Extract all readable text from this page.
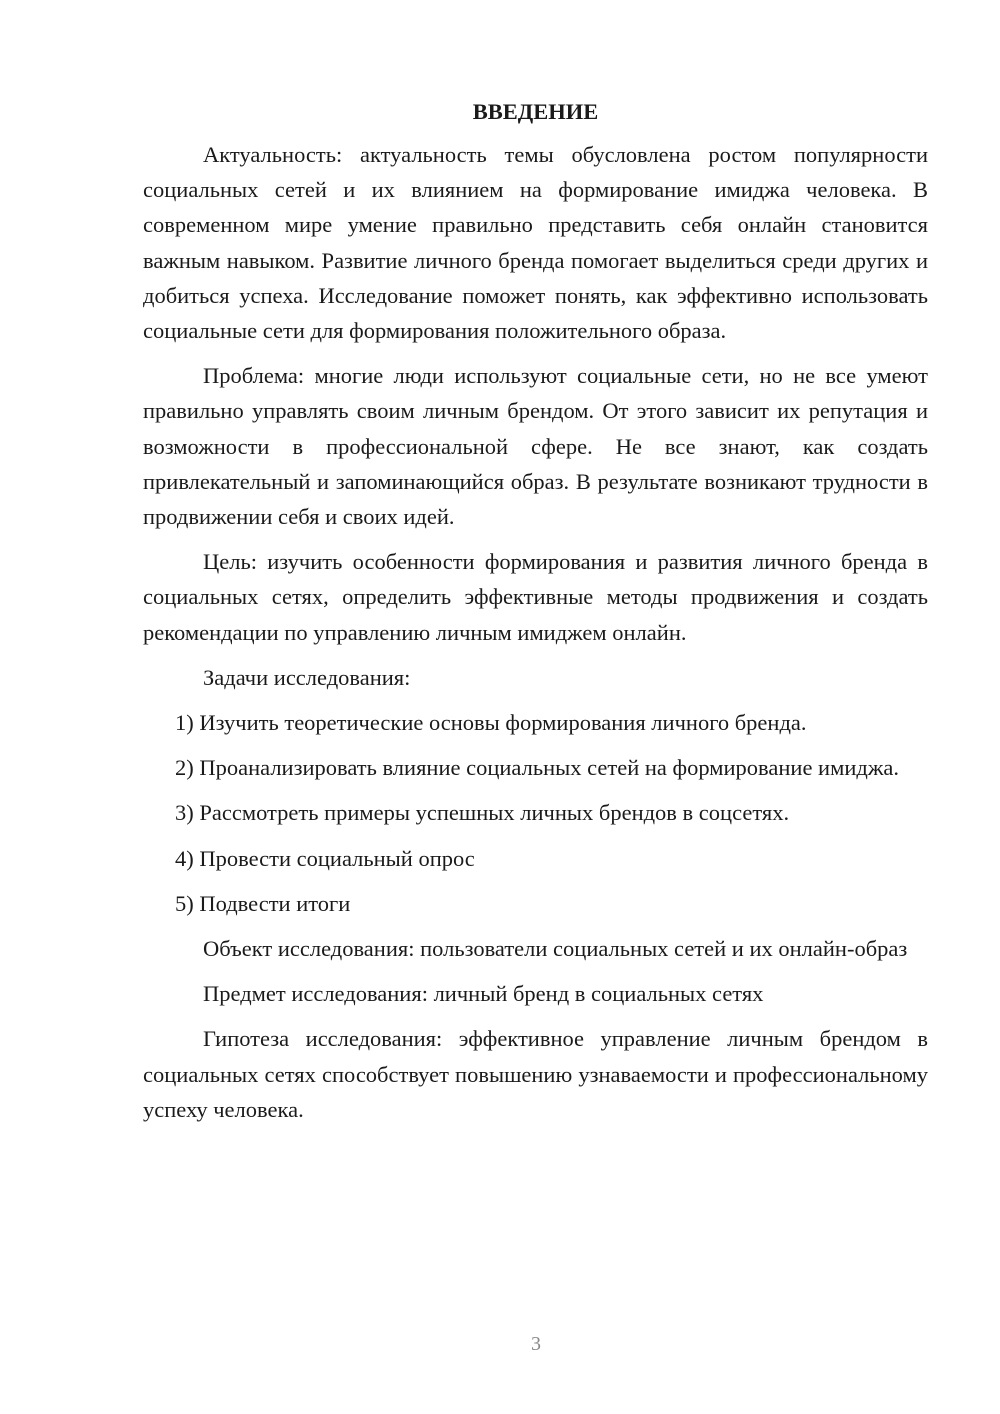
ВВЕДЕНИЕ

Актуальность: актуальность темы обусловлена ростом популярности социальных сетей и их влиянием на формирование имиджа человека. В современном мире умение правильно представить себя онлайн становится важным навыком. Развитие личного бренда помогает выделиться среди других и добиться успеха. Исследование поможет понять, как эффективно использовать социальные сети для формирования положительного образа.

Проблема: многие люди используют социальные сети, но не все умеют правильно управлять своим личным брендом. От этого зависит их репутация и возможности в профессиональной сфере. Не все знают, как создать привлекательный и запоминающийся образ. В результате возникают трудности в продвижении себя и своих идей.

Цель: изучить особенности формирования и развития личного бренда в социальных сетях, определить эффективные методы продвижения и создать рекомендации по управлению личным имиджем онлайн.

Задачи исследования:

1) Изучить теоретические основы формирования личного бренда.

2) Проанализировать влияние социальных сетей на формирование имиджа.

3) Рассмотреть примеры успешных личных брендов в соцсетях.

4) Провести социальный опрос

5) Подвести итоги

Объект исследования: пользователи социальных сетей и их онлайн-образ

Предмет исследования: личный бренд в социальных сетях

Гипотеза исследования: эффективное управление личным брендом в социальных сетях способствует повышению узнаваемости и профессиональному успеху человека.

3
